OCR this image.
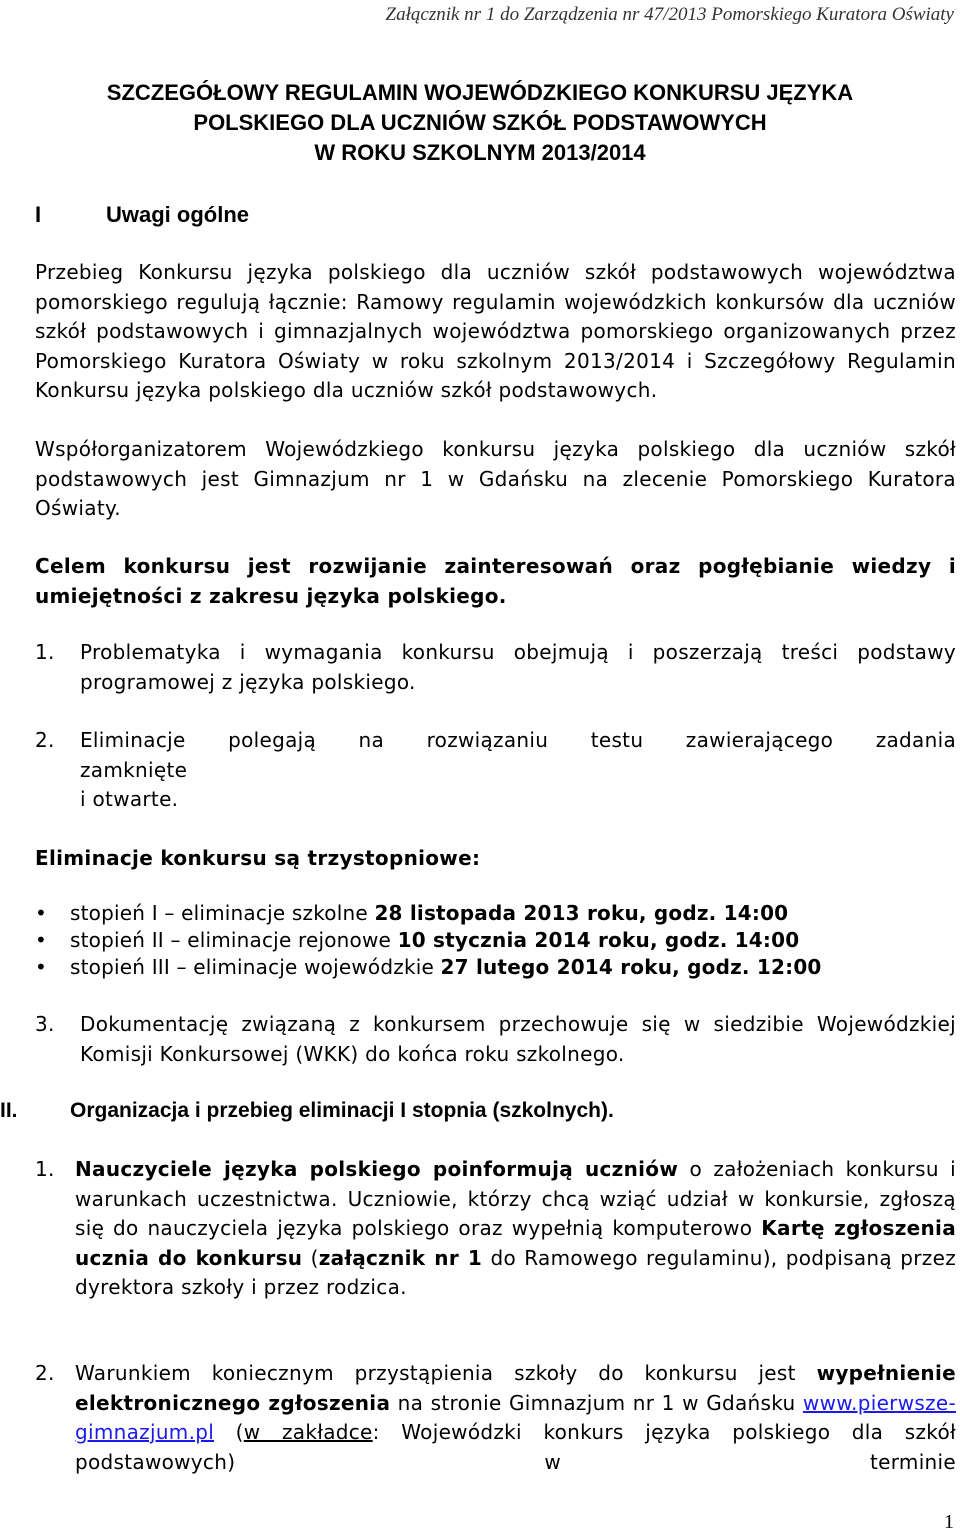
Załącznik nr 1 do Zarządzenia nr 47/2013 Pomorskiego Kuratora Oświaty
SZCZEGÓŁOWY REGULAMIN WOJEWÓDZKIEGO KONKURSU JĘZYKA
POLSKIEGO DLA UCZNIÓW SZKÓŁ PODSTAWOWYCH
W ROKU SZKOLNYM 2013/2014
I	Uwagi ogólne
Przebieg Konkursu języka polskiego dla uczniów szkół podstawowych województwa pomorskiego regulują łącznie: Ramowy regulamin wojewódzkich konkursów dla uczniów szkół podstawowych i gimnazjalnych województwa pomorskiego organizowanych przez Pomorskiego Kuratora Oświaty w roku szkolnym 2013/2014 i Szczegółowy Regulamin Konkursu języka polskiego dla uczniów szkół podstawowych.
Współorganizatorem Wojewódzkiego konkursu języka polskiego dla uczniów szkół podstawowych jest Gimnazjum nr 1 w Gdańsku na zlecenie Pomorskiego Kuratora Oświaty.
Celem konkursu jest rozwijanie zainteresowań oraz pogłębianie wiedzy i umiejętności z zakresu języka polskiego.
1. Problematyka i wymagania konkursu obejmują i poszerzają treści podstawy programowej z języka polskiego.
2. Eliminacje polegają na rozwiązaniu testu zawierającego zadania
zamknięte
i otwarte.
Eliminacje konkursu są trzystopniowe:
• stopień I – eliminacje szkolne 28 listopada 2013 roku, godz. 14:00
• stopień II – eliminacje rejonowe 10 stycznia 2014 roku, godz. 14:00
• stopień III – eliminacje wojewódzkie 27 lutego 2014 roku, godz. 12:00
3. Dokumentację związaną z konkursem przechowuje się w siedzibie Wojewódzkiej Komisji Konkursowej (WKK) do końca roku szkolnego.
II. Organizacja i przebieg eliminacji I stopnia (szkolnych).
1. Nauczyciele języka polskiego poinformują uczniów o założeniach konkursu i warunkach uczestnictwa. Uczniowie, którzy chcą wziąć udział w konkursie, zgłoszą się do nauczyciela języka polskiego oraz wypełnią komputerowo Kartę zgłoszenia ucznia do konkursu (załącznik nr 1 do Ramowego regulaminu), podpisaną przez dyrektora szkoły i przez rodzica.
2. Warunkiem koniecznym przystąpienia szkoły do konkursu jest wypełnienie elektronicznego zgłoszenia na stronie Gimnazjum nr 1 w Gdańsku www.pierwsze-gimnazjum.pl (w zakładce: Wojewódzki konkurs języka polskiego dla szkół podstawowych) w terminie
1
